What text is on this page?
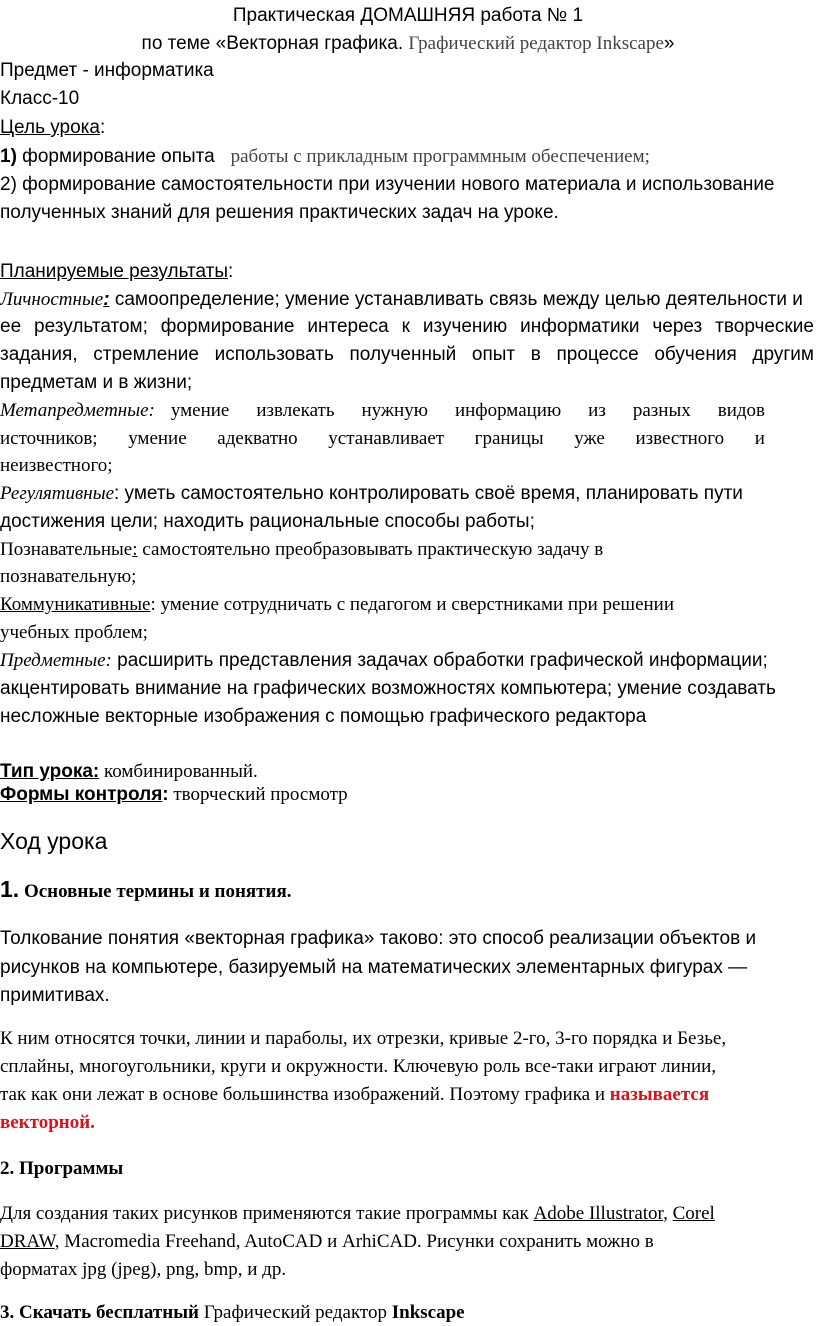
Практическая ДОМАШНЯЯ работа № 1
по теме «Векторная графика. Графический редактор Inkscape»
Предмет - информатика
Класс-10
Цель урока:
1) формирование опыта работы с прикладным программным обеспечением;
2) формирование самостоятельности при изучении нового материала и использование
полученных знаний для решения практических задач на уроке.
Планируемые результаты:
Личностные: самоопределение; умение устанавливать связь между целью деятельности и
ее результатом; формирование интереса к изучению информатики через творческие
задания, стремление использовать полученный опыт в процессе обучения другим
предметам и в жизни;
Метапредметные: умение извлекать нужную информацию из разных видов
источников; умение адекватно устанавливает границы уже известного и
неизвестного;
Регулятивные: уметь самостоятельно контролировать своё время, планировать пути
достижения цели; находить рациональные способы работы;
Познавательные: самостоятельно преобразовывать практическую задачу в
познавательную;
Коммуникативные: умение сотрудничать с педагогом и сверстниками при решении
учебных проблем;
Предметные: расширить представления задачах обработки графической информации;
акцентировать внимание на графических возможностях компьютера; умение создавать
несложные векторные изображения с помощью графического редактора
Тип урока: комбинированный.
Формы контроля: творческий просмотр
Ход урока
1. Основные термины и понятия.
Толкование понятия «векторная графика» таково: это способ реализации объектов и
рисунков на компьютере, базируемый на математических элементарных фигурах —
примитивах.
К ним относятся точки, линии и параболы, их отрезки, кривые 2-го, 3-го порядка и Безье,
сплайны, многоугольники, круги и окружности. Ключевую роль все-таки играют линии,
так как они лежат в основе большинства изображений. Поэтому графика и называется
векторной.
2. Программы
Для создания таких рисунков применяются такие программы как Adobe Illustrator, Corel
DRAW, Macromedia Freehand, AutoCAD и ArhiCAD. Рисунки сохранить можно в
форматах jpg (jpeg), png, bmp, и др.
3. Скачать бесплатный Графический редактор Inkscape
